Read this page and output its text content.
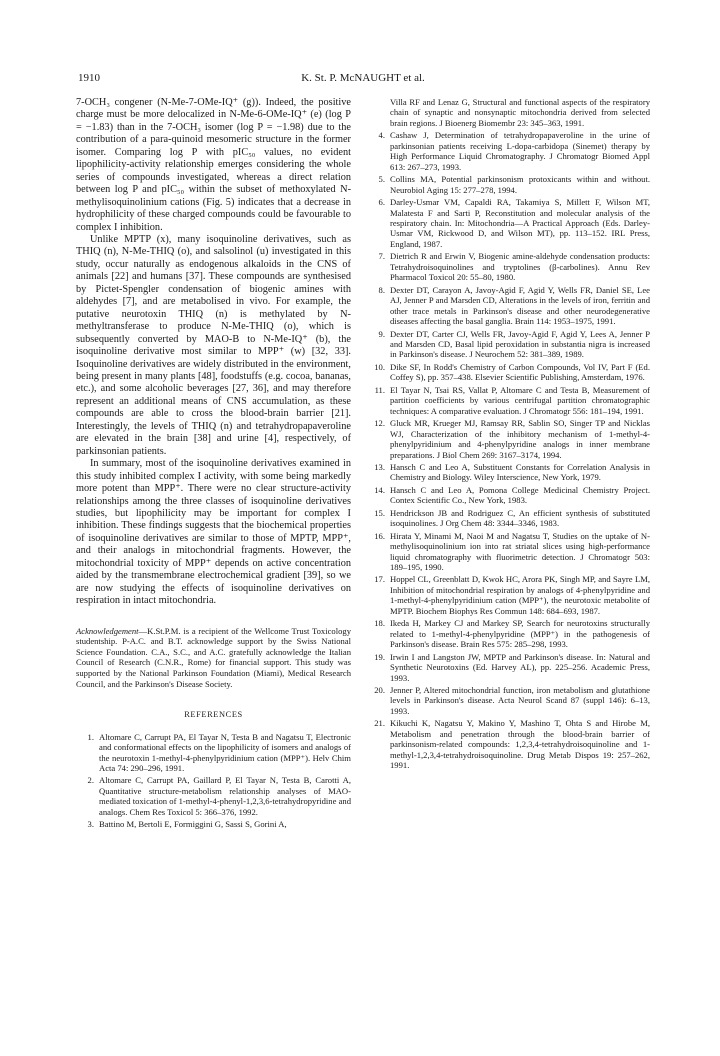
1910	K. St. P. McNAUGHT et al.

7-OCH₃ congener (N-Me-7-OMe-IQ⁺ (g)). Indeed, the positive charge must be more delocalized in N-Me-6-OMe-IQ⁺ (e) (log P = −1.83) than in the 7-OCH₃ isomer (log P = −1.98) due to the contribution of a para-quinoid mesomeric structure in the former isomer. Comparing log P with pIC₅₀ values, no evident lipophilicity-activity relationship emerges considering the whole series of compounds investigated, whereas a direct relation between log P and pIC₅₀ within the subset of methoxylated N-methylisoquinolinium cations (Fig. 5) indicates that a decrease in hydrophilicity of these charged compounds could be favourable to complex I inhibition.

Unlike MPTP (x), many isoquinoline derivatives, such as THIQ (n), N-Me-THIQ (o), and salsolinol (u) investigated in this study, occur naturally as endogenous alkaloids in the CNS of animals [22] and humans [37]. These compounds are synthesised by Pictet-Spengler condensation of biogenic amines with aldehydes [7], and are metabolised in vivo. For example, the putative neurotoxin THIQ (n) is methylated by N-methyltransferase to produce N-Me-THIQ (o), which is subsequently converted by MAO-B to N-Me-IQ⁺ (b), the isoquinoline derivative most similar to MPP⁺ (w) [32, 33]. Isoquinoline derivatives are widely distributed in the environment, being present in many plants [48], foodstuffs (e.g. cocoa, bananas, etc.), and some alcoholic beverages [27, 36], and may therefore represent an additional means of CNS accumulation, as these compounds are able to cross the blood-brain barrier [21]. Interestingly, the levels of THIQ (n) and tetrahydropapaveroline are elevated in the brain [38] and urine [4], respectively, of parkinsonian patients.

In summary, most of the isoquinoline derivatives examined in this study inhibited complex I activity, with some being markedly more potent than MPP⁺. There were no clear structure-activity relationships among the three classes of isoquinoline derivatives studies, but lipophilicity may be important for complex I inhibition. These findings suggests that the biochemical properties of isoquinoline derivatives are similar to those of MPTP, MPP⁺, and their analogs in mitochondrial fragments. However, the mitochondrial toxicity of MPP⁺ depends on active concentration aided by the transmembrane electrochemical gradient [39], so we are now studying the effects of isoquinoline derivatives on respiration in intact mitochondria.

Acknowledgement—K.St.P.M. is a recipient of the Wellcome Trust Toxicology studentship. P-A.C. and B.T. acknowledge support by the Swiss National Science Foundation. C.A., S.C., and A.C. gratefully acknowledge the Italian Council of Research (C.N.R., Rome) for financial support. This study was supported by the National Parkinson Foundation (Miami), Medical Research Council, and the Parkinson's Disease Society.

REFERENCES
1. Altomare C, Carrupt PA, El Tayar N, Testa B and Nagatsu T, Electronic and conformational effects on the lipophilicity of isomers and analogs of the neurotoxin 1-methyl-4-phenylpyridinium cation (MPP⁺). Helv Chim Acta 74: 290–296, 1991.
2. Altomare C, Carrupt PA, Gaillard P, El Tayar N, Testa B, Carotti A, Quantitative structure-metabolism relationship analyses of MAO-mediated toxication of 1-methyl-4-phenyl-1,2,3,6-tetrahydropyridine and analogs. Chem Res Toxicol 5: 366–376, 1992.
3. Battino M, Bertoli E, Formiggini G, Sassi S, Gorini A,
Villa RF and Lenaz G, Structural and functional aspects of the respiratory chain of synaptic and nonsynaptic mitochondria derived from selected brain regions. J Bioenerg Biomembr 23: 345–363, 1991.
4. Cashaw J, Determination of tetrahydropapaveroline in the urine of parkinsonian patients receiving L-dopa-carbidopa (Sinemet) therapy by High Performance Liquid Chromatography. J Chromatogr Biomed Appl 613: 267–273, 1993.
5. Collins MA, Potential parkinsonism protoxicants within and without. Neurobiol Aging 15: 277–278, 1994.
6. Darley-Usmar VM, Capaldi RA, Takamiya S, Millett F, Wilson MT, Malatesta F and Sarti P, Reconstitution and molecular analysis of the respiratory chain. In: Mitochondria—A Practical Approach (Eds. Darley-Usmar VM, Rickwood D, and Wilson MT), pp. 113–152. IRL Press, England, 1987.
7. Dietrich R and Erwin V, Biogenic amine-aldehyde condensation products: Tetrahydroisoquinolines and tryptolines (β-carbolines). Annu Rev Pharmacol Toxicol 20: 55–80, 1980.
8. Dexter DT, Carayon A, Javoy-Agid F, Agid Y, Wells FR, Daniel SE, Lee AJ, Jenner P and Marsden CD, Alterations in the levels of iron, ferritin and other trace metals in Parkinson's disease and other neurodegenerative diseases affecting the basal ganglia. Brain 114: 1953–1975, 1991.
9. Dexter DT, Carter CJ, Wells FR, Javoy-Agid F, Agid Y, Lees A, Jenner P and Marsden CD, Basal lipid peroxidation in substantia nigra is increased in Parkinson's disease. J Neurochem 52: 381–389, 1989.
10. Dike SF, In Rodd's Chemistry of Carbon Compounds, Vol IV, Part F (Ed. Coffey S), pp. 357–438. Elsevier Scientific Publishing, Amsterdam, 1976.
11. El Tayar N, Tsai RS, Vallat P, Altomare C and Testa B, Measurement of partition coefficients by various centrifugal partition chromatographic techniques: A comparative evaluation. J Chromatogr 556: 181–194, 1991.
12. Gluck MR, Krueger MJ, Ramsay RR, Sablin SO, Singer TP and Nicklas WJ, Characterization of the inhibitory mechanism of 1-methyl-4-phenylpyridinium and 4-phenylpyridine analogs in inner membrane preparations. J Biol Chem 269: 3167–3174, 1994.
13. Hansch C and Leo A, Substituent Constants for Correlation Analysis in Chemistry and Biology. Wiley Interscience, New York, 1979.
14. Hansch C and Leo A, Pomona College Medicinal Chemistry Project. Contex Scientific Co., New York, 1983.
15. Hendrickson JB and Rodriguez C, An efficient synthesis of substituted isoquinolines. J Org Chem 48: 3344–3346, 1983.
16. Hirata Y, Minami M, Naoi M and Nagatsu T, Studies on the uptake of N-methylisoquinolinium ion into rat striatal slices using high-performance liquid chromatography with fluorimetric detection. J Chromatogr 503: 189–195, 1990.
17. Hoppel CL, Greenblatt D, Kwok HC, Arora PK, Singh MP, and Sayre LM, Inhibition of mitochondrial respiration by analogs of 4-phenylpyridine and 1-methyl-4-phenylpyridinium cation (MPP⁺), the neurotoxic metabolite of MPTP. Biochem Biophys Res Commun 148: 684–693, 1987.
18. Ikeda H, Markey CJ and Markey SP, Search for neurotoxins structurally related to 1-methyl-4-phenylpyridine (MPP⁺) in the pathogenesis of Parkinson's disease. Brain Res 575: 285–298, 1993.
19. Irwin I and Langston JW, MPTP and Parkinson's disease. In: Natural and Synthetic Neurotoxins (Ed. Harvey AL), pp. 225–256. Academic Press, 1993.
20. Jenner P, Altered mitochondrial function, iron metabolism and glutathione levels in Parkinson's disease. Acta Neurol Scand 87 (suppl 146): 6–13, 1993.
21. Kikuchi K, Nagatsu Y, Makino Y, Mashino T, Ohta S and Hirobe M, Metabolism and penetration through the blood-brain barrier of parkinsonism-related compounds: 1,2,3,4-tetrahydroisoquinoline and 1-methyl-1,2,3,4-tetrahydroisoquinoline. Drug Metab Dispos 19: 257–262, 1991.
